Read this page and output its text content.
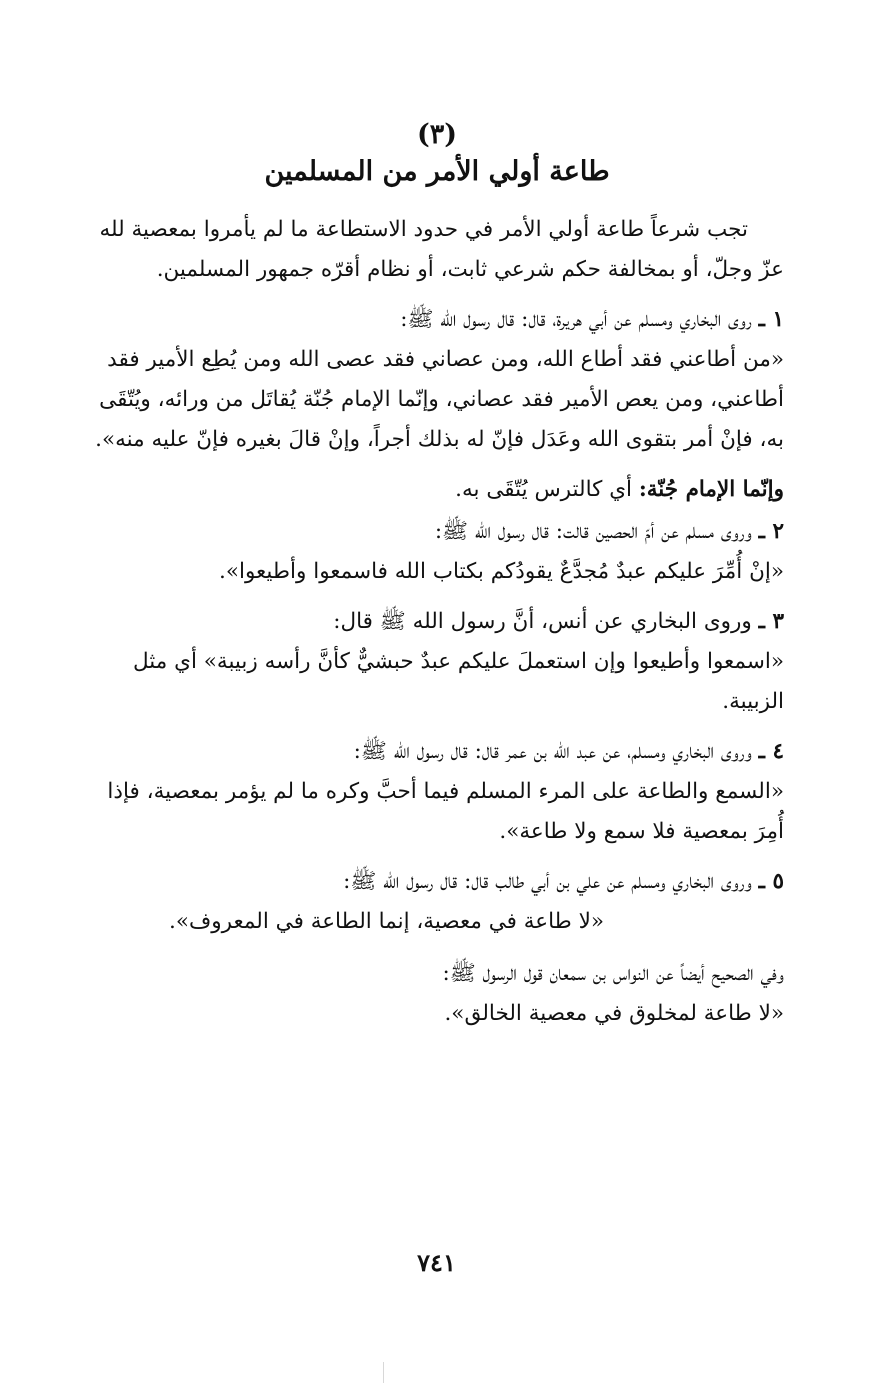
(٣)

طاعة أولي الأمر من المسلمين

تجب شرعاً طاعة أولي الأمر في حدود الاستطاعة ما لم يأمروا بمعصية لله عزّ وجلّ، أو بمخالفة حكم شرعي ثابت، أو نظام أقرّه جمهور المسلمين.

١ ـ روى البخاري ومسلم عن أبي هريرة، قال: قال رسول الله ﷺ:

«من أطاعني فقد أطاع الله، ومن عصاني فقد عصى الله ومن يُطِع الأمير فقد أطاعني، ومن يعص الأمير فقد عصاني، وإنّما الإمام جُنّة يُقاتَل من ورائه، ويُتّقَى به، فإنْ أمر بتقوى الله وعَدَل فإنّ له بذلك أجراً، وإنْ قالَ بغيره فإنّ عليه منه».

وإنّما الإمام جُنّة: أي كالترس يُتّقَى به.

٢ ـ وروى مسلم عن أمّ الحصين قالت: قال رسول الله ﷺ:

«إنْ أُمِّرَ عليكم عبدٌ مُجدَّعٌ يقودُكم بكتاب الله فاسمعوا وأطيعوا».

٣ ـ وروى البخاري عن أنس، أنَّ رسول الله ﷺ قال:

«اسمعوا وأطيعوا وإن استعملَ عليكم عبدٌ حبشيٌّ كأنَّ رأسه زبيبة» أي مثل الزبيبة.

٤ ـ وروى البخاري ومسلم، عن عبد الله بن عمر قال: قال رسول الله ﷺ:

«السمع والطاعة على المرء المسلم فيما أحبَّ وكره ما لم يؤمر بمعصية، فإذا أُمِرَ بمعصية فلا سمع ولا طاعة».

٥ ـ وروى البخاري ومسلم عن علي بن أبي طالب قال: قال رسول الله ﷺ:

«لا طاعة في معصية، إنما الطاعة في المعروف».

وفي الصحيح أيضاً عن النواس بن سمعان قول الرسول ﷺ:

«لا طاعة لمخلوق في معصية الخالق».

٧٤١
